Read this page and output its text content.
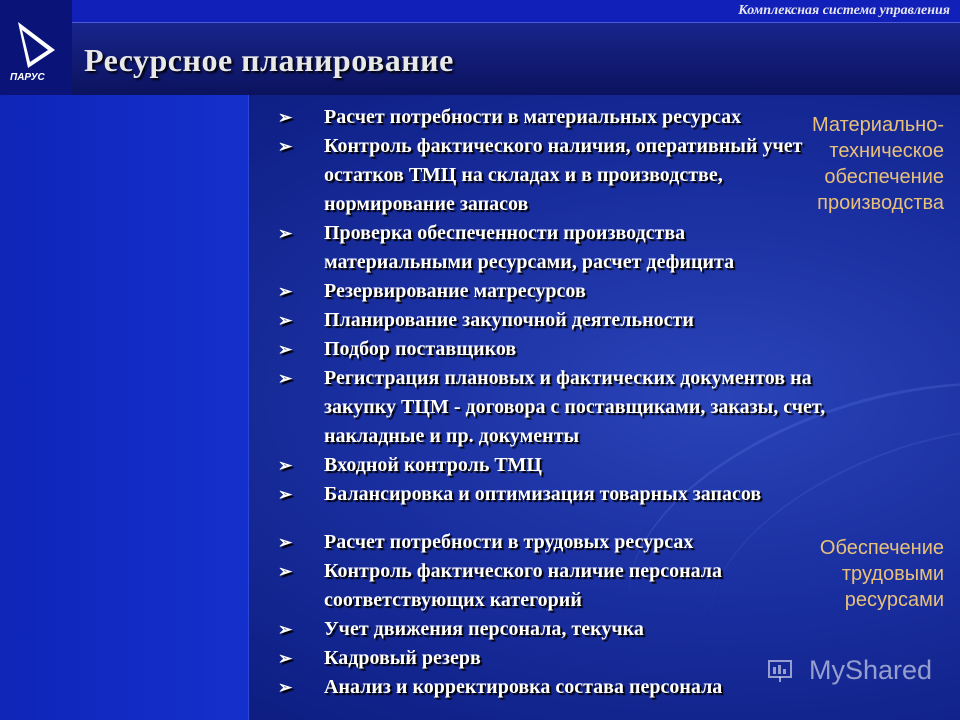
Комплексная система управления
ПАРУС Ресурсное планирование
Материально-
техническое
обеспечение
производства
➢ Расчет потребности в материальных ресурсах
➢ Контроль фактического наличия, оперативный учет
остатков ТМЦ на складах и в производстве,
нормирование запасов
➢ Проверка обеспеченности производства
материальными ресурсами, расчет дефицита
➢ Резервирование матресурсов
➢ Планирование закупочной деятельности
➢ Подбор поставщиков
➢ Регистрация плановых и фактических документов на
закупку ТЦМ - договора с поставщиками, заказы, счет,
накладные и пр. документы
➢ Входной контроль ТМЦ
➢ Балансировка и оптимизация товарных запасов
Обеспечение
трудовыми
ресурсами
➢ Расчет потребности в трудовых ресурсах
➢ Контроль фактического наличие персонала
соответствующих категорий
➢ Учет движения персонала, текучка
➢ Кадровый резерв
➢ Анализ и корректировка состава персонала
MyShared
